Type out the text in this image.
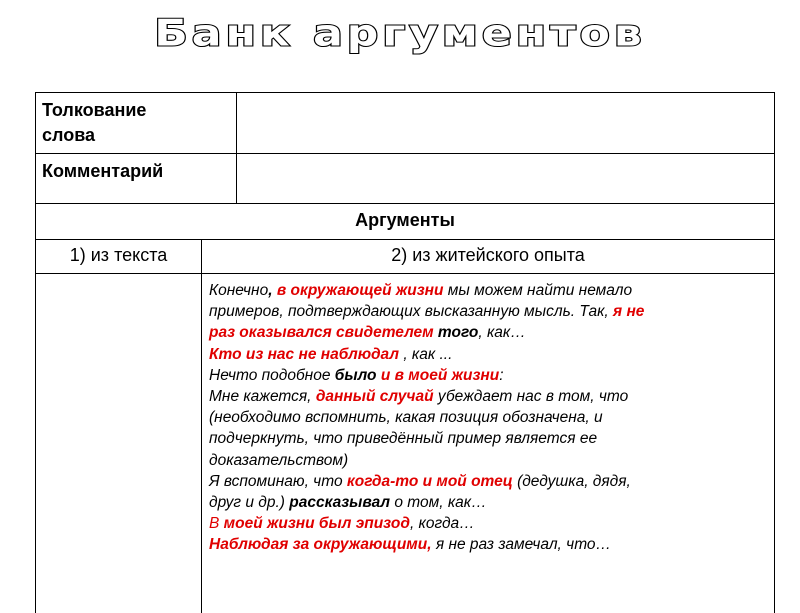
Банк аргументов
Толкование
слова
Комментарий
Аргументы
1) из текста	2) из житейского опыта
Конечно, в окружающей жизни мы можем найти немало
примеров, подтверждающих высказанную мысль. Так, я не
раз оказывался свидетелем того, как…
Кто из нас не наблюдал , как ...
Нечто подобное было и в моей жизни:
Мне кажется, данный случай убеждает нас в том, что
(необходимо вспомнить, какая позиция обозначена, и
подчеркнуть, что приведённый пример является ее
доказательством)
Я вспоминаю, что когда-то и мой отец (дедушка, дядя,
друг и др.) рассказывал о том, как…
В моей жизни был эпизод, когда…
Наблюдая за окружающими, я не раз замечал, что…
